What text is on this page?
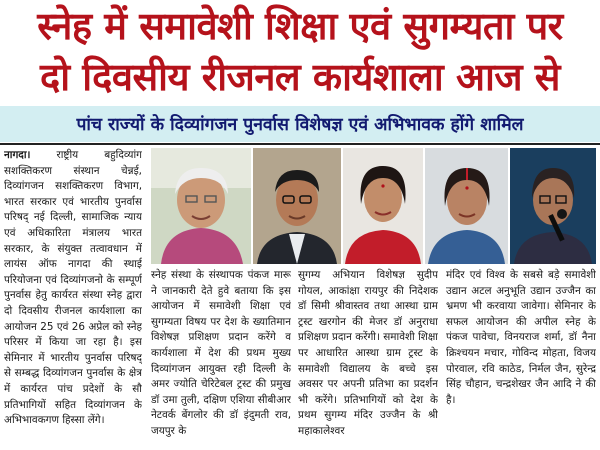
स्नेह में समावेशी शिक्षा एवं सुगम्यता पर
दो दिवसीय रीजनल कार्यशाला आज से
पांच राज्यों के दिव्यांगजन पुनर्वास विशेषज्ञ एवं अभिभावक होंगे शामिल

नागदा। राष्ट्रीय बहुदिव्यांग सशक्तिकरण संस्थान चेन्नई, दिव्यांगजन सशक्तिकरण विभाग, भारत सरकार एवं भारतीय पुनर्वास परिषद् नई दिल्ली, सामाजिक न्याय एवं अधिकारिता मंत्रालय भारत सरकार, के संयुक्त तत्वावधान में लायंस ऑफ नागदा की स्थाई परियोजना एवं दिव्यांगजनो के सम्पूर्ण पुनर्वास हेतु कार्यरत संस्था स्नेह द्वारा दो दिवसीय रीजनल कार्यशाला का आयोजन 25 एवं 26 अप्रेल को स्नेह परिसर में किया जा रहा है। इस सेमिनार में भारतीय पुनर्वास परिषद् से सम्बद्ध दिव्यांगजन पुनर्वास के क्षेत्र में कार्यरत पांच प्रदेशों के सौ प्रतिभागियों सहित दिव्यांगजन के अभिभावकगण हिस्सा लेंगे।

स्नेह संस्था के संस्थापक पंकज मारू ने जानकारी देते हुवे बताया कि इस आयोजन में समावेशी शिक्षा एवं सुगम्यता विषय पर देश के ख्यातिमान विशेषज्ञ प्रशिक्षण प्रदान करेंगे व कार्यशाला में देश की प्रथम मुख्य दिव्यांगजन आयुक्त रही दिल्ली के अमर ज्योति चेरिटेबल ट्रस्ट की प्रमुख डॉ उमा तुली, दक्षिण एशिया सीबीआर नेटवर्क बेंगलोर की डॉ इंदुमती राव, जयपुर के
सुगम्य अभियान विशेषज्ञ सुदीप गोयल, आकांक्षा रायपुर की निदेशक डॉ सिमी श्रीवास्तव तथा आस्था ग्राम ट्रस्ट खरगोन की मेजर डॉ अनुराधा प्रशिक्षण प्रदान करेंगी। समावेशी शिक्षा पर आधारित आस्था ग्राम ट्रस्ट के समावेशी विद्यालय के बच्चे इस अवसर पर अपनी प्रतिभा का प्रदर्शन भी करेंगे। प्रतिभागियों को देश के प्रथम सुगम्य मंदिर उज्जैन के श्री महाकालेश्वर
मंदिर एवं विश्व के सबसे बड़े समावेशी उद्यान अटल अनुभूति उद्यान उज्जैन का भ्रमण भी करवाया जावेगा। सेमिनार के सफल आयोजन की अपील स्नेह के पंकज पावेचा, विनयराज शर्मा, डॉ नैना क्रिश्चयन मचार, गोविन्द मोहता, विजय पोरवाल, रवि काठेड, निर्मल जैन, सुरेन्द्र सिंह चौहान, चन्द्रशेखर जैन आदि ने की है।
